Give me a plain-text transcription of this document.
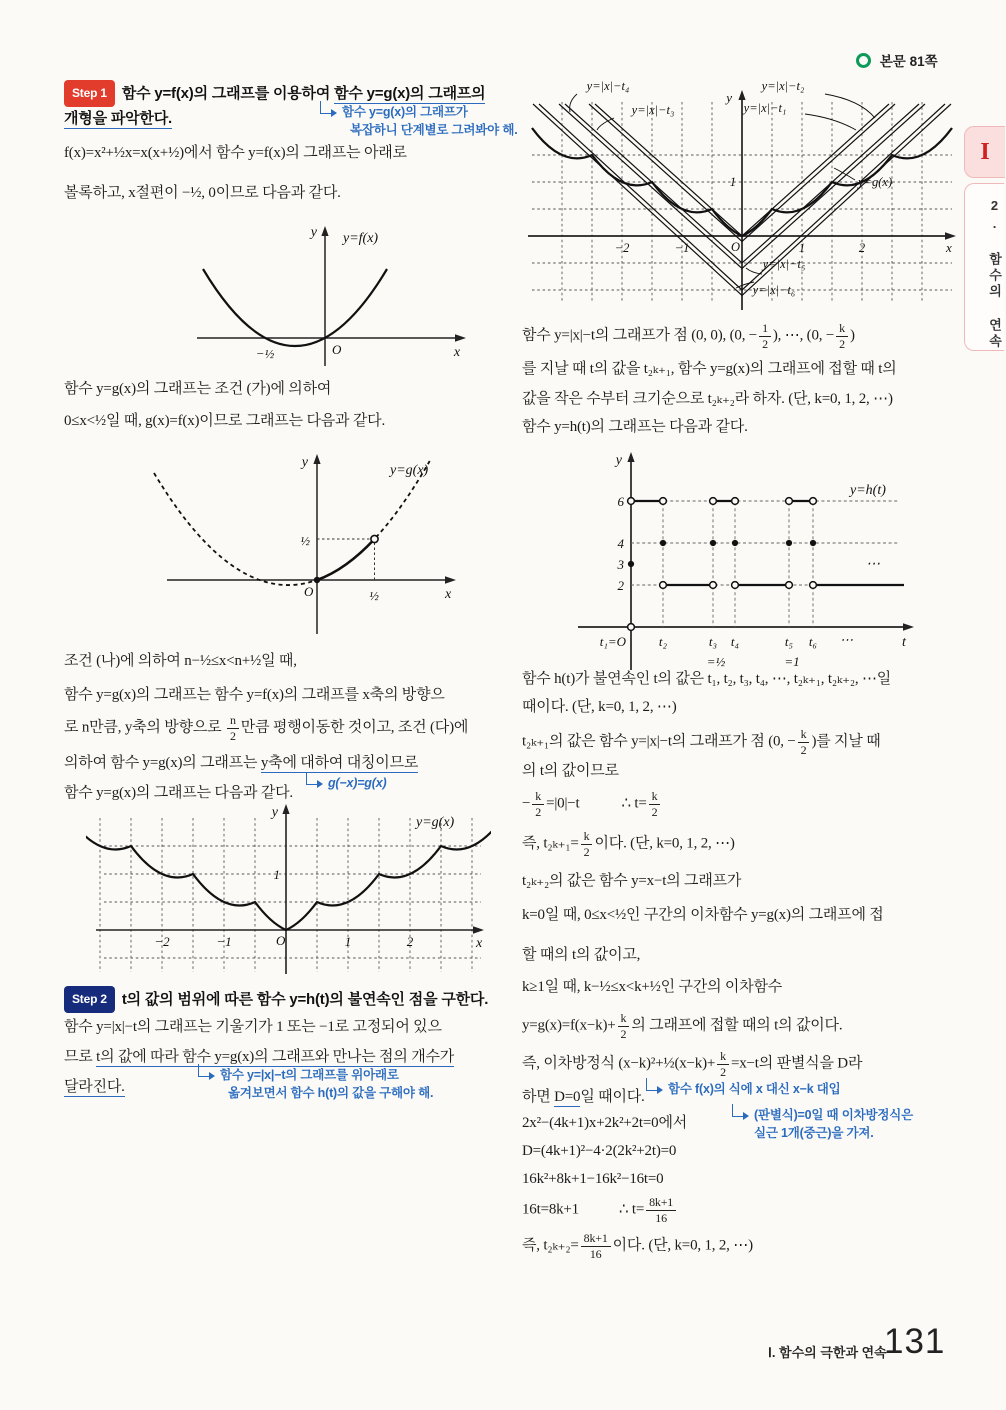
본문 81쪽
I
2. 함수의 연속
Step 1 함수 y=f(x)의 그래프를 이용하여 함수 y=g(x)의 그래프의
개형을 파악한다.	함수 y=g(x)의 그래프가
복잡하니 단계별로 그려봐야 해.
f(x)=x²+½x=x(x+½)에서 함수 y=f(x)의 그래프는 아래로
볼록하고, x절편이 −½, 0이므로 다음과 같다.
y y=f(x)
O	x
−½
함수 y=g(x)의 그래프는 조건 (가)에 의하여
0≤x<½일 때, g(x)=f(x)이므로 그래프는 다음과 같다.
y
y=g(x)
½
O	½	x
조건 (나)에 의하여 n−½≤x<n+½일 때,
함수 y=g(x)의 그래프는 함수 y=f(x)의 그래프를 x축의 방향으
로 n만큼, y축의 방향으로 $\frac{n}{2}$ 만큼 평행이동한 것이고, 조건 (다)에
의하여 함수 y=g(x)의 그래프는 y축에 대하여 대칭이므로
함수 y=g(x)의 그래프는 다음과 같다.
g(−x)=g(x)
y
y=g(x)
1
−2	−1	O	1	2	x
Step 2 t의 값의 범위에 따른 함수 y=h(t)의 불연속인 점을 구한다.
함수 y=|x|−t의 그래프는 기울기가 1 또는 −1로 고정되어 있으
므로 t의 값에 따라 함수 y=g(x)의 그래프와 만나는 점의 개수가
달라진다.
함수 y=|x|−t의 그래프를 위아래로
옮겨보면서 함수 h(t)의 값을 구해야 해.
y=|x|−t₄
y=|x|−t₃
y=|x|−t₂
y=|x|−t₁
y=g(x)
y=|x|−t₅
y=|x|−t₆
y
1
−2	−1	O	1	2	x
함수 y=|x|−t의 그래프가 점 (0, 0), (0, − $\frac{1}{2}$ ), ⋯, (0, − $\frac{k}{2}$ )
를 지날 때 t의 값을 t₂ₖ₊₁, 함수 y=g(x)의 그래프에 접할 때 t의
값을 작은 수부터 크기순으로 t₂ₖ₊₂라 하자. (단, k=0, 1, 2, ⋯)
함수 y=h(t)의 그래프는 다음과 같다.
y
y=h(t)
6
4
3
2
⋯
t₁=O	t₂	t₃ t₄	t₅ t₆ ⋯	t
=½	=1
함수 h(t)가 불연속인 t의 값은 t₁, t₂, t₃, t₄, ⋯, t₂ₖ₊₁, t₂ₖ₊₂, ⋯일
때이다. (단, k=0, 1, 2, ⋯)
t₂ₖ₊₁의 값은 함수 y=|x|−t의 그래프가 점 (0, − $\frac{k}{2}$ )를 지날 때
의 t의 값이므로
− $\frac{k}{2} =|0|-t$	∴ $t= \frac{k}{2}$
즉, $t_{2k+1}= \frac{k}{2}$ 이다. (단, k=0, 1, 2, ⋯)
t₂ₖ₊₂의 값은 함수 y=x−t의 그래프가
k=0일 때, 0≤x<½인 구간의 이차함수 y=g(x)의 그래프에 접
할 때의 t의 값이고,
k≥1일 때, k−½≤x<k+½인 구간의 이차함수
$y=g(x)=f(x-k)+ \frac{k}{2}$ 의 그래프에 접할 때의 t의 값이다.
즉, 이차방정식 (x−k)²+½(x−k)+ $\frac{k}{2} =x-t$의 판별식을 D라
하면 D=0일 때이다. 함수 f(x)의 식에 x 대신 x−k 대입
2x²−(4k+1)x+2k²+2t=0에서	(판별식)=0일 때 이차방정식은
실근 1개(중근)을 가져.
D=(4k+1)²−4·2(2k²+2t)=0
16k²+8k+1−16k²−16t=0
16t=8k+1	∴ $t= \frac{8k+1}{16}$
즉, $t_{2k+2}= \frac{8k+1}{16}$ 이다. (단, k=0, 1, 2, ⋯)
Ⅰ. 함수의 극한과 연속
131
